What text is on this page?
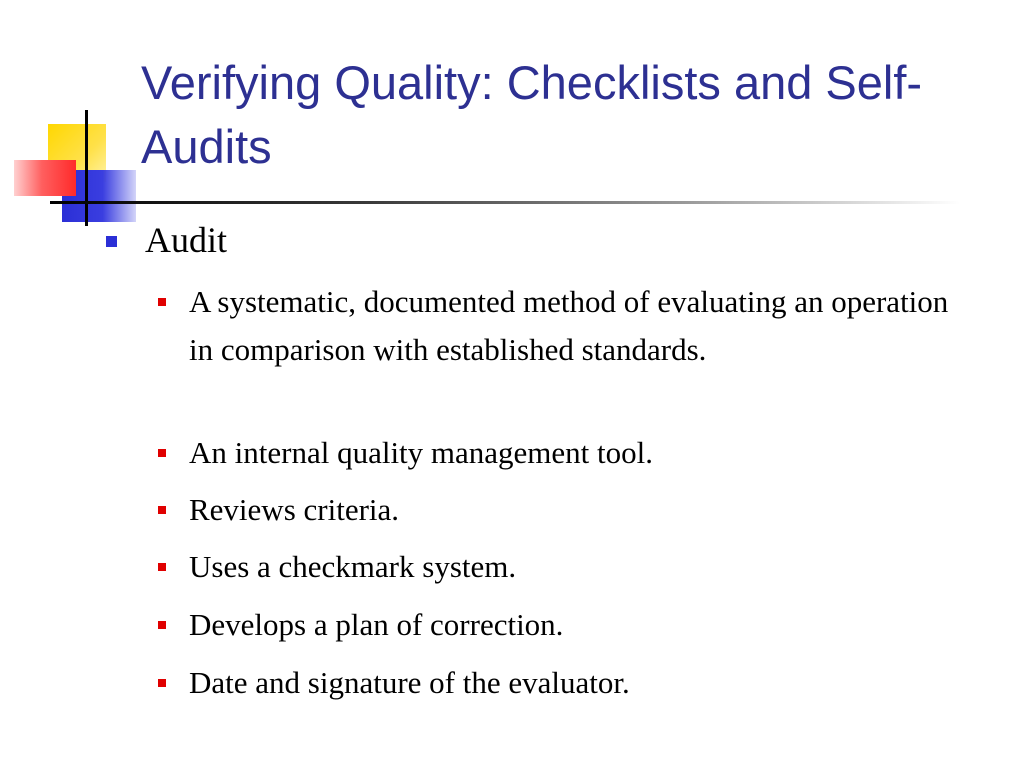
Verifying Quality: Checklists and Self-Audits
Audit
A systematic, documented method of evaluating an operation in comparison with established standards.
An internal quality management tool.
Reviews criteria.
Uses a checkmark system.
Develops a plan of correction.
Date and signature of the evaluator.
